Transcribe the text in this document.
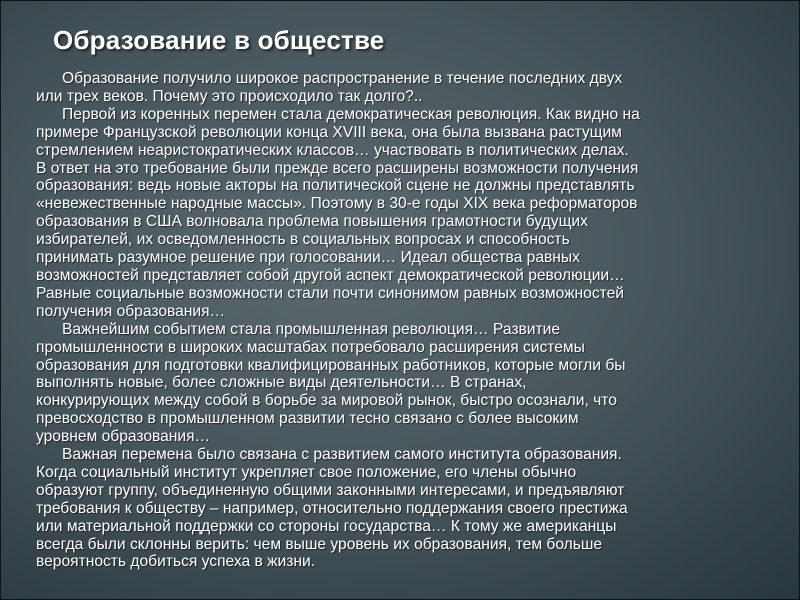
Образование в обществе
Образование получило широкое распространение в течение последних двух
или трех веков. Почему это происходило так долго?..
Первой из коренных перемен стала демократическая революция. Как видно на
примере Французской революции конца XVIII века, она была вызвана растущим
стремлением неаристократических классов… участвовать в политических делах.
В ответ на это требование были прежде всего расширены возможности получения
образования: ведь новые акторы на политической сцене не должны представлять
«невежественные народные массы». Поэтому в 30-е годы XIX века реформаторов
образования в США волновала проблема повышения грамотности будущих
избирателей, их осведомленность в социальных вопросах и способность
принимать разумное решение при голосовании… Идеал общества равных
возможностей представляет собой другой аспект демократической революции…
Равные социальные возможности стали почти синонимом равных возможностей
получения образования…
Важнейшим событием стала промышленная революция… Развитие
промышленности в широких масштабах потребовало расширения системы
образования для подготовки квалифицированных работников, которые могли бы
выполнять новые, более сложные виды деятельности… В странах,
конкурирующих между собой в борьбе за мировой рынок, быстро осознали, что
превосходство в промышленном развитии тесно связано с более высоким
уровнем образования…
Важная перемена было связана с развитием самого института образования.
Когда социальный институт укрепляет свое положение, его члены обычно
образуют группу, объединенную общими законными интересами, и предъявляют
требования к обществу – например, относительно поддержания своего престижа
или материальной поддержки со стороны государства… К тому же американцы
всегда были склонны верить: чем выше уровень их образования, тем больше
вероятность добиться успеха в жизни.
